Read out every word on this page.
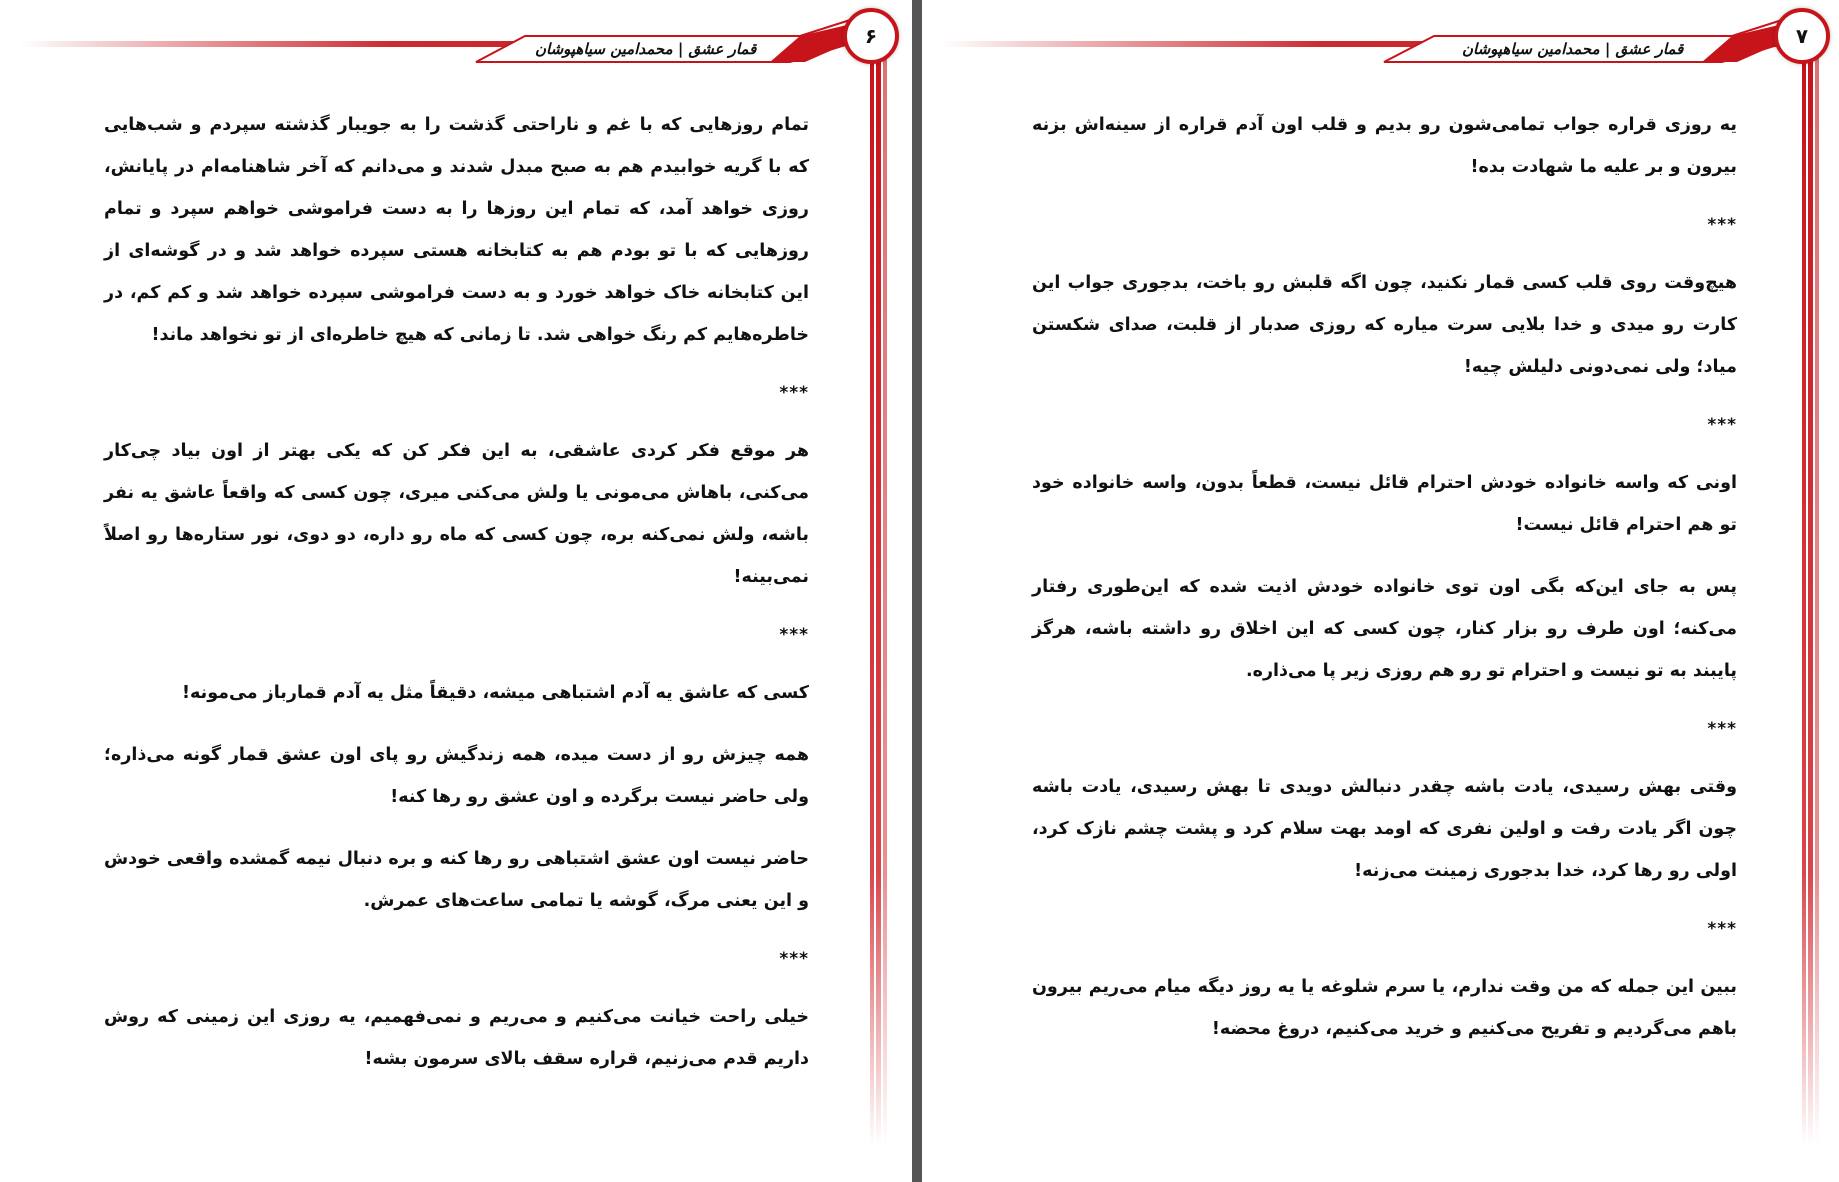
۶
قمار عشق | محمدامین سیاهپوشان

تمام روزهایی که با غم و ناراحتی گذشت را به جویبار گذشته سپردم و شب‌هایی که با گریه خوابیدم هم به صبح مبدل شدند و می‌دانم که آخر شاهنامه‌ام در پایانش، روزی خواهد آمد، که تمام این روزها را به دست فراموشی خواهم سپرد و تمام روزهایی که با تو بودم هم به کتابخانه هستی سپرده خواهد شد و در گوشه‌ای از این کتابخانه خاک خواهد خورد و به دست فراموشی سپرده خواهد شد و کم کم، در خاطره‌هایم کم رنگ خواهی شد. تا زمانی که هیچ خاطره‌ای از تو نخواهد ماند!

***

هر موقع فکر کردی عاشقی، به این فکر کن که یکی بهتر از اون بیاد چی‌کار می‌کنی، باهاش می‌مونی یا ولش می‌کنی میری، چون کسی که واقعاً عاشق یه نفر باشه، ولش نمی‌کنه بره، چون کسی که ماه رو داره، دو دوی، نور ستاره‌ها رو اصلاً نمی‌بینه!

***

کسی که عاشق یه آدم اشتباهی میشه، دقیقاً مثل یه آدم قمارباز می‌مونه!

همه چیزش رو از دست میده، همه زندگیش رو پای اون عشق قمار گونه می‌ذاره؛ ولی حاضر نیست برگرده و اون عشق رو رها کنه!

حاضر نیست اون عشق اشتباهی رو رها کنه و بره دنبال نیمه گمشده واقعی خودش و این یعنی مرگ، گوشه یا تمامی ساعت‌های عمرش.

***

خیلی راحت خیانت می‌کنیم و می‌ریم و نمی‌فهمیم، یه روزی این زمینی که روش داریم قدم می‌زنیم، قراره سقف بالای سرمون بشه!

۷
قمار عشق | محمدامین سیاهپوشان

یه روزی قراره جواب تمامی‌شون رو بدیم و قلب اون آدم قراره از سینه‌اش بزنه بیرون و بر علیه ما شهادت بده!

***

هیچ‌وقت روی قلب کسی قمار نکنید، چون اگه قلبش رو باخت، بدجوری جواب این کارت رو میدی و خدا بلایی سرت میاره که روزی صدبار از قلبت، صدای شکستن میاد؛ ولی نمی‌دونی دلیلش چیه!

***

اونی که واسه خانواده خودش احترام قائل نیست، قطعاً بدون، واسه خانواده خود تو هم احترام قائل نیست!

پس به جای این‌که بگی اون توی خانواده خودش اذیت شده که این‌طوری رفتار می‌کنه؛ اون طرف رو بزار کنار، چون کسی که این اخلاق رو داشته باشه، هرگز پایبند به تو نیست و احترام تو رو هم روزی زیر پا می‌ذاره.

***

وقتی بهش رسیدی، یادت باشه چقدر دنبالش دویدی تا بهش رسیدی، یادت باشه چون اگر یادت رفت و اولین نفری که اومد بهت سلام کرد و پشت چشم نازک کرد، اولی رو رها کرد، خدا بدجوری زمینت می‌زنه!

***

ببین این جمله که من وقت ندارم، یا سرم شلوغه یا یه روز دیگه میام می‌ریم بیرون باهم می‌گردیم و تفریح می‌کنیم و خرید می‌کنیم، دروغ محضه!
